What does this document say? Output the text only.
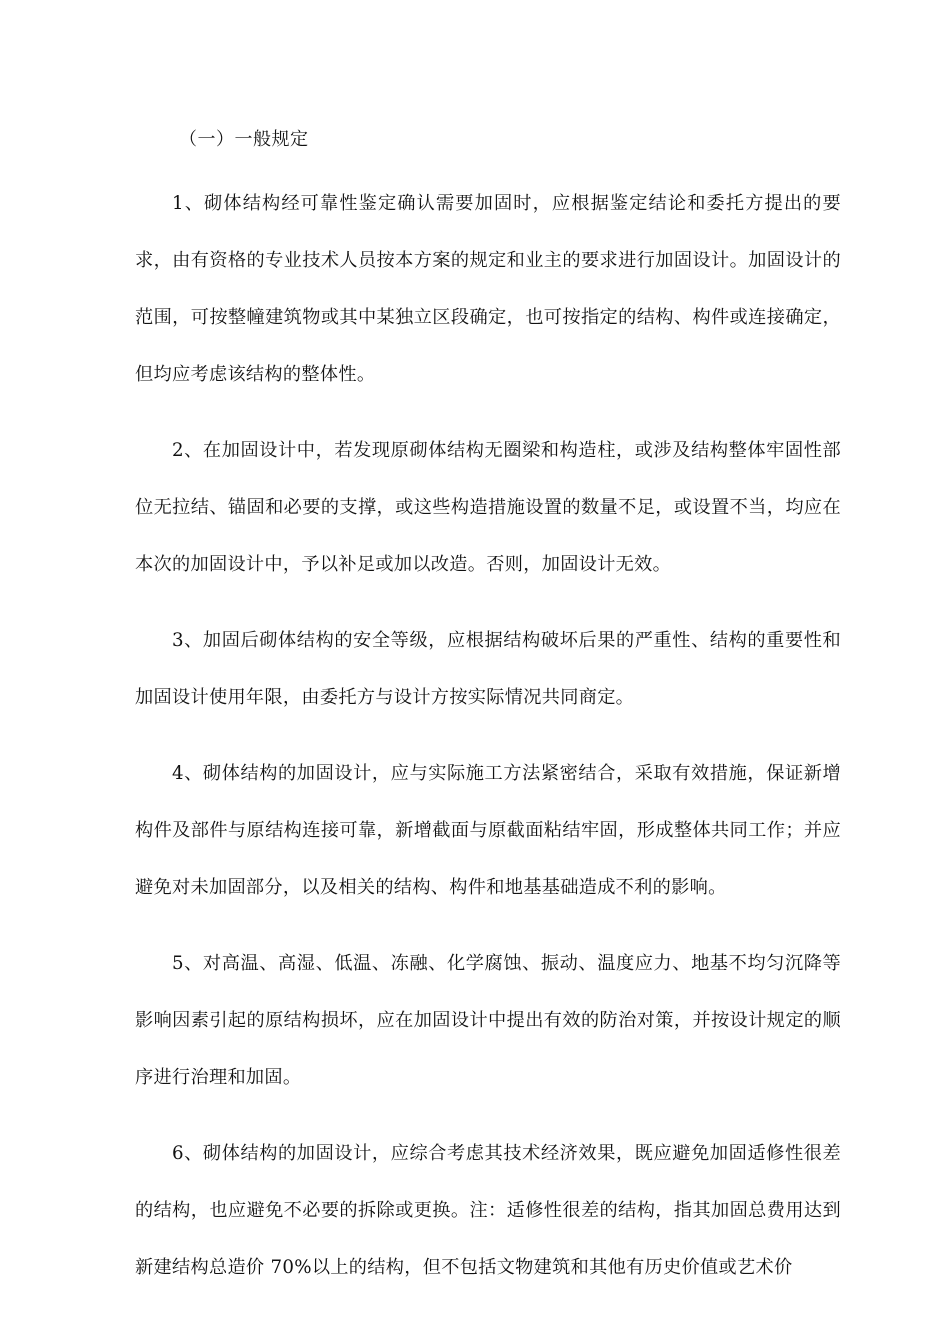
（一）一般规定

1、砌体结构经可靠性鉴定确认需要加固时，应根据鉴定结论和委托方提出的要求，由有资格的专业技术人员按本方案的规定和业主的要求进行加固设计。加固设计的范围，可按整幢建筑物或其中某独立区段确定，也可按指定的结构、构件或连接确定，但均应考虑该结构的整体性。

2、在加固设计中，若发现原砌体结构无圈梁和构造柱，或涉及结构整体牢固性部位无拉结、锚固和必要的支撑，或这些构造措施设置的数量不足，或设置不当，均应在本次的加固设计中，予以补足或加以改造。否则，加固设计无效。

3、加固后砌体结构的安全等级，应根据结构破坏后果的严重性、结构的重要性和加固设计使用年限，由委托方与设计方按实际情况共同商定。

4、砌体结构的加固设计，应与实际施工方法紧密结合，采取有效措施，保证新增构件及部件与原结构连接可靠，新增截面与原截面粘结牢固，形成整体共同工作；并应避免对未加固部分，以及相关的结构、构件和地基基础造成不利的影响。

5、对高温、高湿、低温、冻融、化学腐蚀、振动、温度应力、地基不均匀沉降等影响因素引起的原结构损坏，应在加固设计中提出有效的防治对策，并按设计规定的顺序进行治理和加固。

6、砌体结构的加固设计，应综合考虑其技术经济效果，既应避免加固适修性很差的结构，也应避免不必要的拆除或更换。注：适修性很差的结构，指其加固总费用达到新建结构总造价 70%以上的结构，但不包括文物建筑和其他有历史价值或艺术价
